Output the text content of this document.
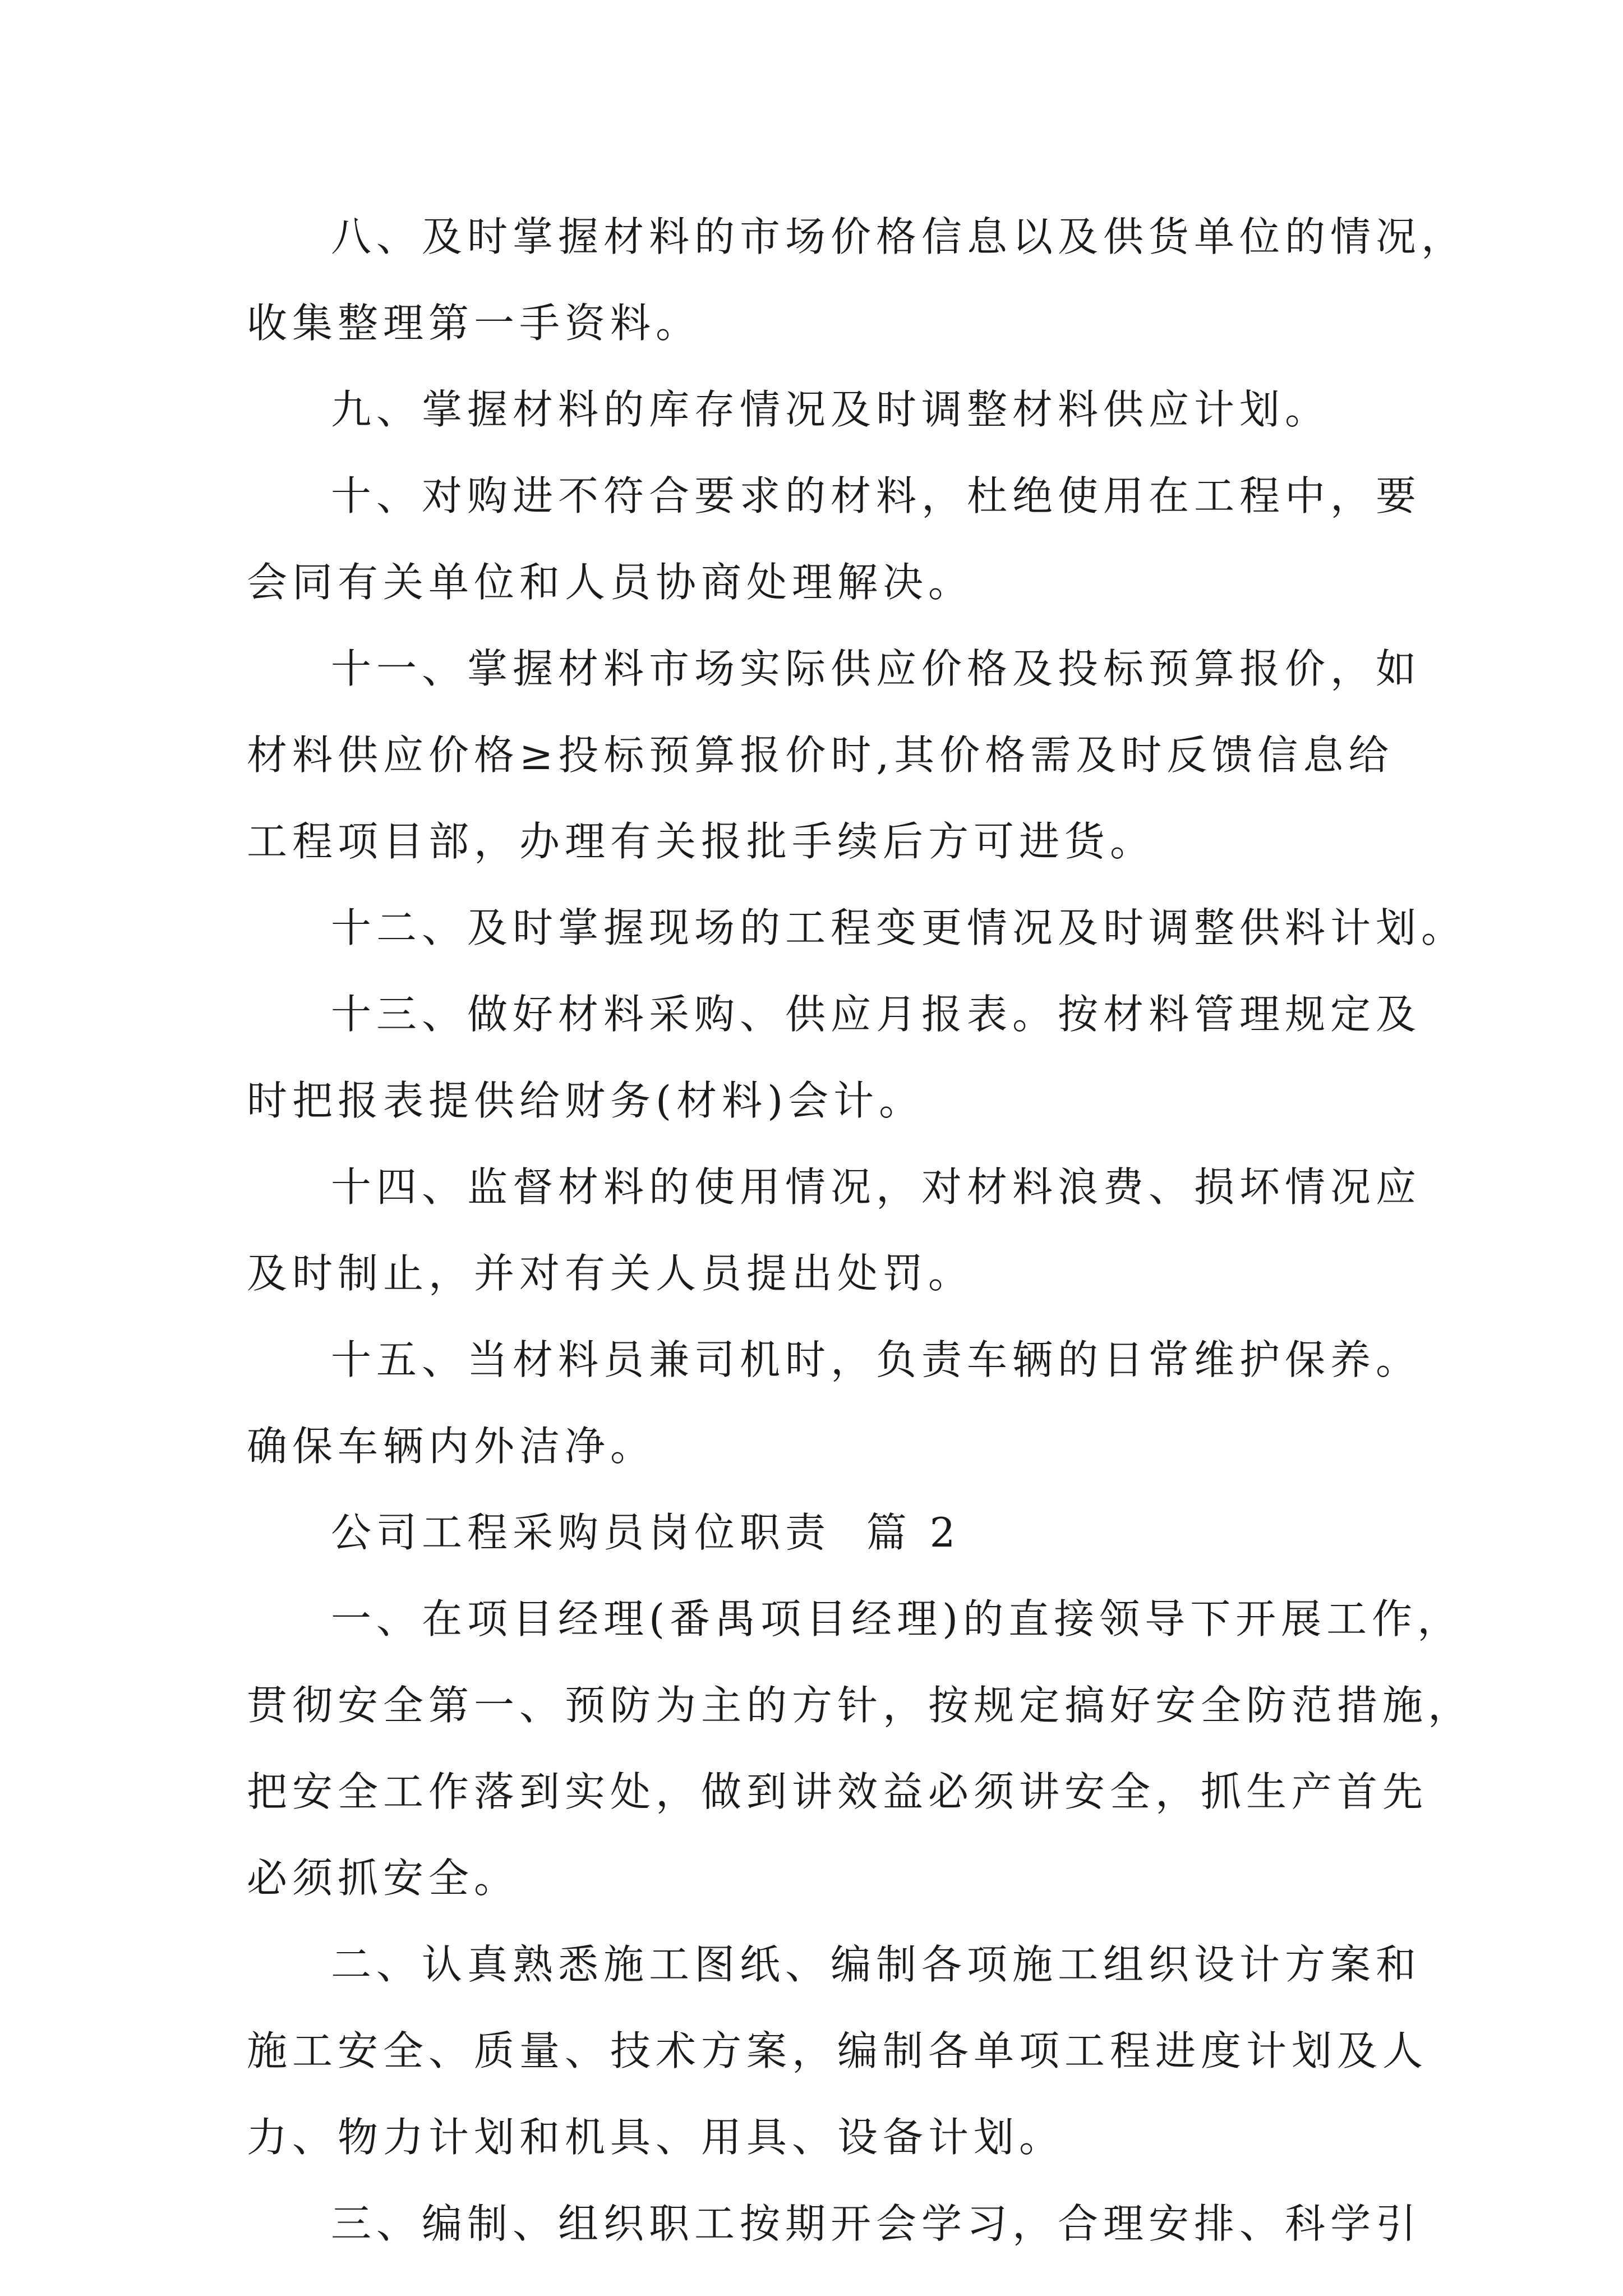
八、及时掌握材料的市场价格信息以及供货单位的情况，
收集整理第一手资料。
九、掌握材料的库存情况及时调整材料供应计划。
十、对购进不符合要求的材料，杜绝使用在工程中，要
会同有关单位和人员协商处理解决。
十一、掌握材料市场实际供应价格及投标预算报价，如
材料供应价格≥投标预算报价时,其价格需及时反馈信息给
工程项目部，办理有关报批手续后方可进货。
十二、及时掌握现场的工程变更情况及时调整供料计划。
十三、做好材料采购、供应月报表。按材料管理规定及
时把报表提供给财务(材料)会计。
十四、监督材料的使用情况，对材料浪费、损坏情况应
及时制止，并对有关人员提出处罚。
十五、当材料员兼司机时，负责车辆的日常维护保养。
确保车辆内外洁净。
公司工程采购员岗位职责  篇 2
一、在项目经理(番禺项目经理)的直接领导下开展工作，
贯彻安全第一、预防为主的方针，按规定搞好安全防范措施，
把安全工作落到实处，做到讲效益必须讲安全，抓生产首先
必须抓安全。
二、认真熟悉施工图纸、编制各项施工组织设计方案和
施工安全、质量、技术方案，编制各单项工程进度计划及人
力、物力计划和机具、用具、设备计划。
三、编制、组织职工按期开会学习，合理安排、科学引
